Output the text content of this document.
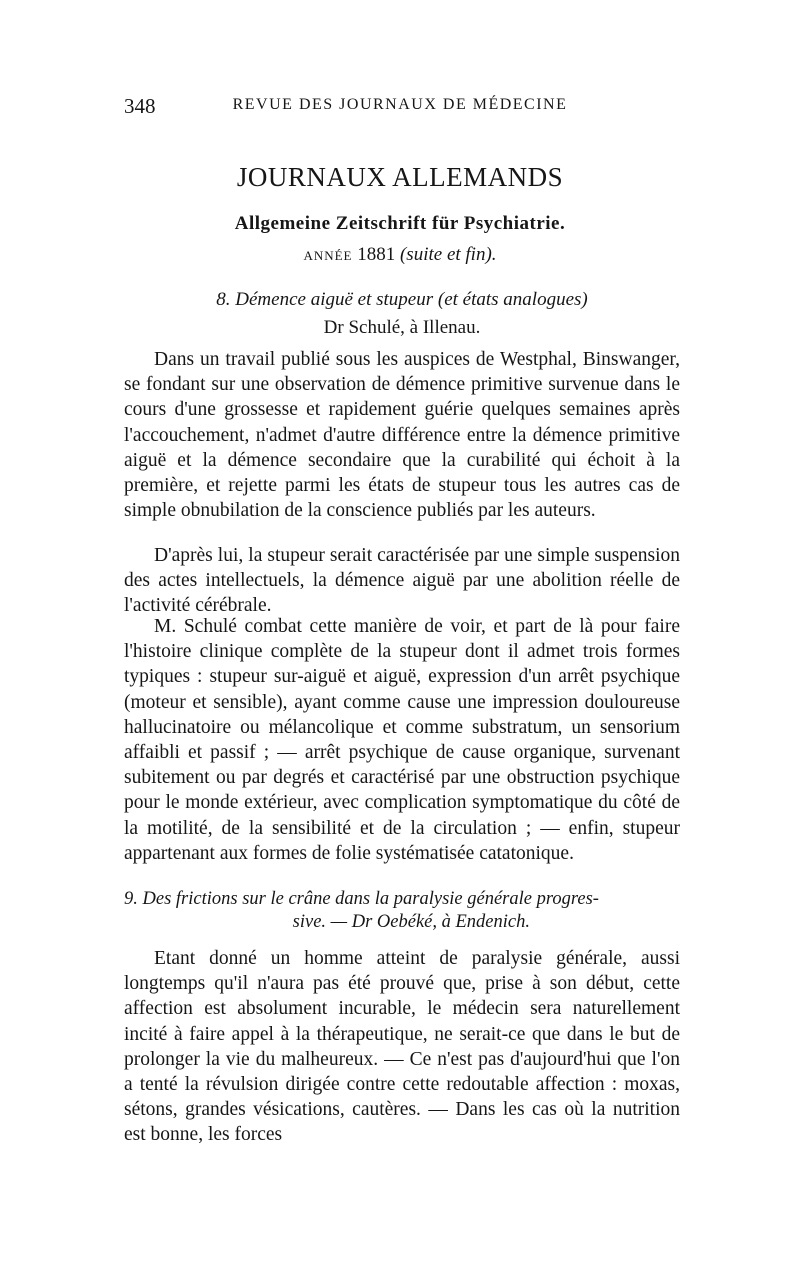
348	REVUE DES JOURNAUX DE MÉDECINE
JOURNAUX ALLEMANDS
Allgemeine Zeitschrift für Psychiatrie.
ANNÉE 1881 (suite et fin).
8. Démence aiguë et stupeur (et états analogues)
Dr Schulé, à Illenau.

Dans un travail publié sous les auspices de Westphal, Binswanger, se fondant sur une observation de démence primitive survenue dans le cours d'une grossesse et rapidement guérie quelques semaines après l'accouchement, n'admet d'autre différence entre la démence primitive aiguë et la démence secondaire que la curabilité qui échoit à la première, et rejette parmi les états de stupeur tous les autres cas de simple obnubilation de la conscience publiés par les auteurs.

D'après lui, la stupeur serait caractérisée par une simple suspension des actes intellectuels, la démence aiguë par une abolition réelle de l'activité cérébrale.

M. Schulé combat cette manière de voir, et part de là pour faire l'histoire clinique complète de la stupeur dont il admet trois formes typiques : stupeur sur-aiguë et aiguë, expression d'un arrêt psychique (moteur et sensible), ayant comme cause une impression douloureuse hallucinatoire ou mélancolique et comme substratum, un sensorium affaibli et passif ; — arrêt psychique de cause organique, survenant subitement ou par degrés et caractérisé par une obstruction psychique pour le monde extérieur, avec complication symptomatique du côté de la motilité, de la sensibilité et de la circulation ; — enfin, stupeur appartenant aux formes de folie systématisée catatonique.

9. Des frictions sur le crâne dans la paralysie générale progres-
sive. — Dr Oebéké, à Endenich.

Etant donné un homme atteint de paralysie générale, aussi longtemps qu'il n'aura pas été prouvé que, prise à son début, cette affection est absolument incurable, le médecin sera naturellement incité à faire appel à la thérapeutique, ne serait-ce que dans le but de prolonger la vie du malheureux. — Ce n'est pas d'aujourd'hui que l'on a tenté la révulsion dirigée contre cette redoutable affection : moxas, sétons, grandes vésications, cautères. — Dans les cas où la nutrition est bonne, les forces
